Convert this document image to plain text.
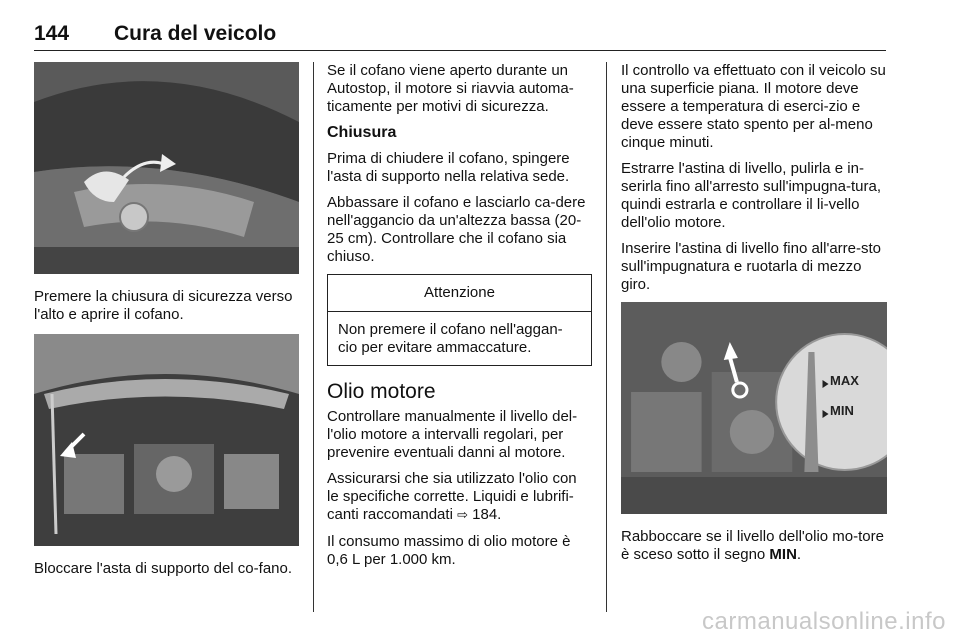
144 Cura del veicolo

Premere la chiusura di sicurezza verso l'alto e aprire il cofano.

Bloccare l'asta di supporto del co-fano.

Se il cofano viene aperto durante un Autostop, il motore si riavvia automa-ticamente per motivi di sicurezza.

Chiusura

Prima di chiudere il cofano, spingere l'asta di supporto nella relativa sede.

Abbassare il cofano e lasciarlo ca-dere nell'aggancio da un'altezza bassa (20-25 cm). Controllare che il cofano sia chiuso.

Attenzione
Non premere il cofano nell'aggan-cio per evitare ammaccature.
Olio motore

Controllare manualmente il livello del-l'olio motore a intervalli regolari, per prevenire eventuali danni al motore.

Assicurarsi che sia utilizzato l'olio con le specifiche corrette. Liquidi e lubrifi-canti raccomandati ⇨ 184.

Il consumo massimo di olio motore è 0,6 L per 1.000 km.

Il controllo va effettuato con il veicolo su una superficie piana. Il motore deve essere a temperatura di eserci-zio e deve essere stato spento per al-meno cinque minuti.

Estrarre l'astina di livello, pulirla e in-serirla fino all'arresto sull'impugna-tura, quindi estrarla e controllare il li-vello dell'olio motore.

Inserire l'astina di livello fino all'arre-sto sull'impugnatura e ruotarla di mezzo giro.

MAX
MIN

Rabboccare se il livello dell'olio mo-tore è sceso sotto il segno MIN.

carmanualsonline.info
